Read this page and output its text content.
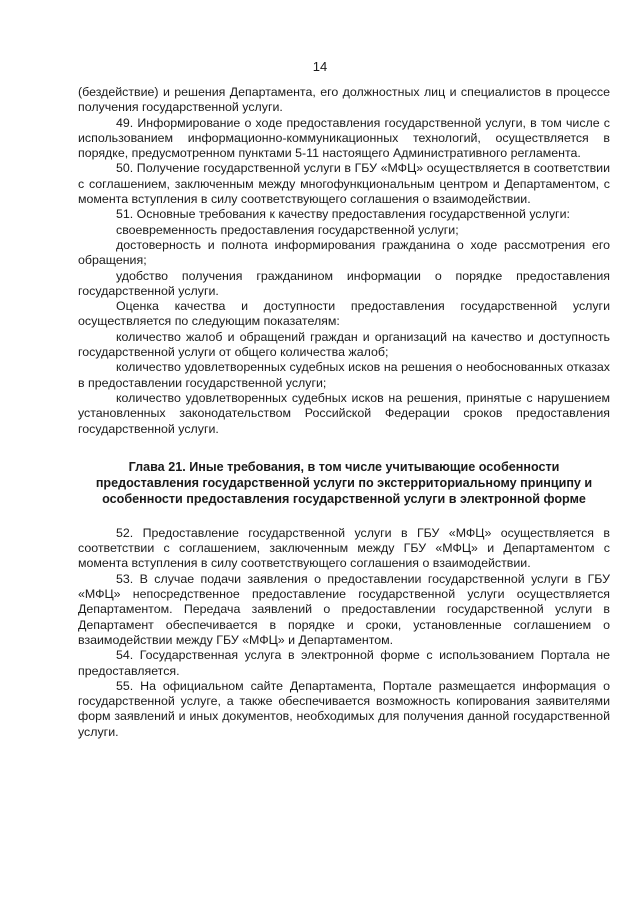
14

(бездействие) и решения Департамента, его должностных лиц и специалистов в процессе получения государственной услуги.

49. Информирование о ходе предоставления государственной услуги, в том числе с использованием информационно-коммуникационных технологий, осуществляется в порядке, предусмотренном пунктами 5-11 настоящего Административного регламента.

50. Получение государственной услуги в ГБУ «МФЦ» осуществляется в соответствии с соглашением, заключенным между многофункциональным центром и Департаментом, с момента вступления в силу соответствующего соглашения о взаимодействии.

51. Основные требования к качеству предоставления государственной услуги:

своевременность предоставления государственной услуги;

достоверность и полнота информирования гражданина о ходе рассмотрения его обращения;

удобство получения гражданином информации о порядке предоставления государственной услуги.

Оценка качества и доступности предоставления государственной услуги осуществляется по следующим показателям:

количество жалоб и обращений граждан и организаций на качество и доступность государственной услуги от общего количества жалоб;

количество удовлетворенных судебных исков на решения о необоснованных отказах в предоставлении государственной услуги;

количество удовлетворенных судебных исков на решения, принятые с нарушением установленных законодательством Российской Федерации сроков предоставления государственной услуги.

Глава 21. Иные требования, в том числе учитывающие особенности предоставления государственной услуги по экстерриториальному принципу и особенности предоставления государственной услуги в электронной форме

52. Предоставление государственной услуги в ГБУ «МФЦ» осуществляется в соответствии с соглашением, заключенным между ГБУ «МФЦ» и Департаментом с момента вступления в силу соответствующего соглашения о взаимодействии.

53. В случае подачи заявления о предоставлении государственной услуги в ГБУ «МФЦ» непосредственное предоставление государственной услуги осуществляется Департаментом. Передача заявлений о предоставлении государственной услуги в Департамент обеспечивается в порядке и сроки, установленные соглашением о взаимодействии между ГБУ «МФЦ» и Департаментом.

54. Государственная услуга в электронной форме с использованием Портала не предоставляется.

55. На официальном сайте Департамента, Портале размещается информация о государственной услуге, а также обеспечивается возможность копирования заявителями форм заявлений и иных документов, необходимых для получения данной государственной услуги.
